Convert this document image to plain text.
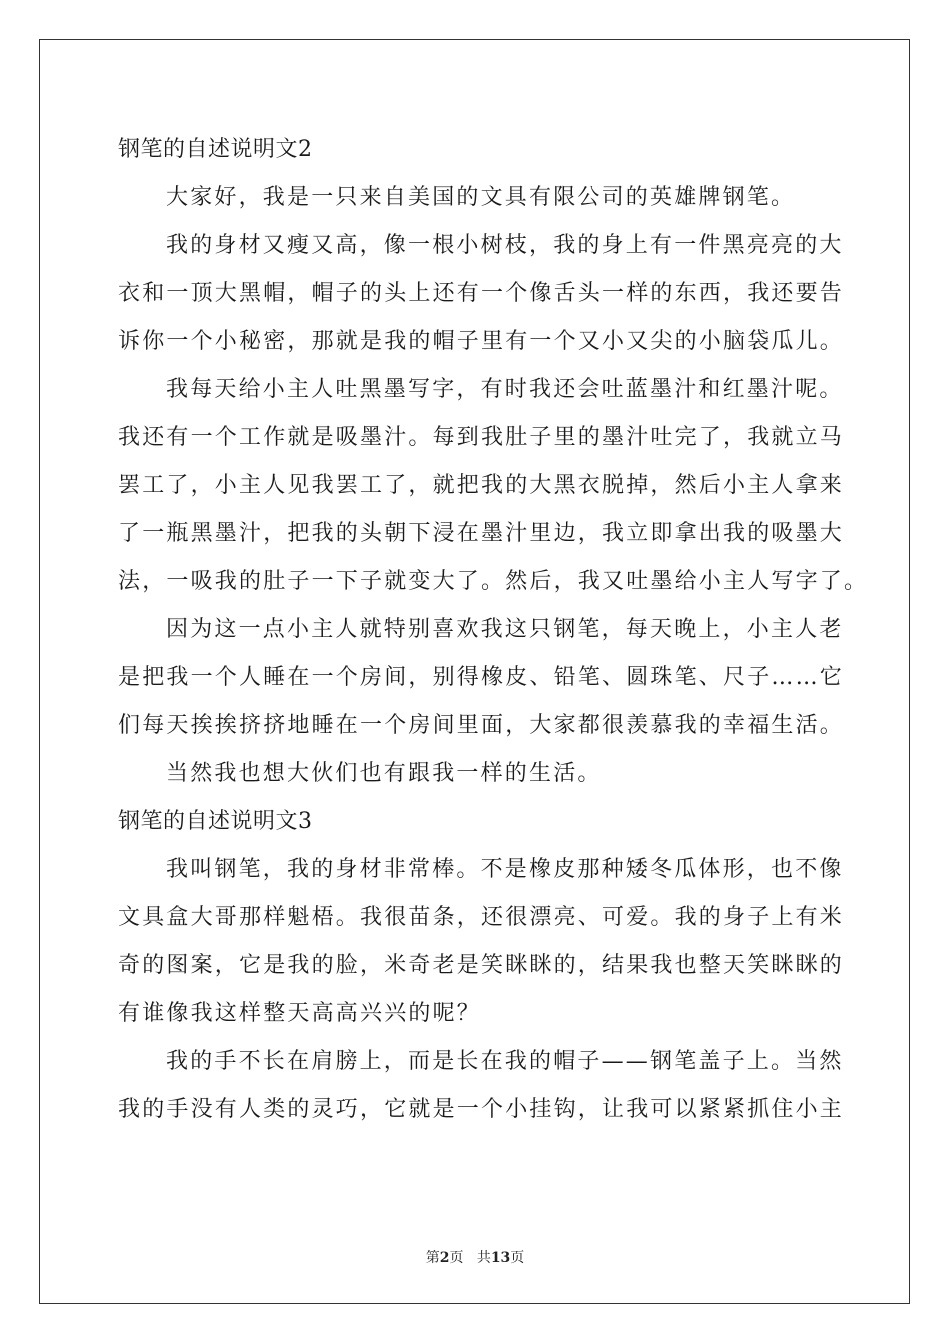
钢笔的自述说明文2
大家好，我是一只来自美国的文具有限公司的英雄牌钢笔。
我的身材又瘦又高，像一根小树枝，我的身上有一件黑亮亮的大
衣和一顶大黑帽，帽子的头上还有一个像舌头一样的东西，我还要告
诉你一个小秘密，那就是我的帽子里有一个又小又尖的小脑袋瓜儿。
我每天给小主人吐黑墨写字，有时我还会吐蓝墨汁和红墨汁呢。
我还有一个工作就是吸墨汁。每到我肚子里的墨汁吐完了，我就立马
罢工了，小主人见我罢工了，就把我的大黑衣脱掉，然后小主人拿来
了一瓶黑墨汁，把我的头朝下浸在墨汁里边，我立即拿出我的吸墨大
法，一吸我的肚子一下子就变大了。然后，我又吐墨给小主人写字了。
因为这一点小主人就特别喜欢我这只钢笔，每天晚上，小主人老
是把我一个人睡在一个房间，别得橡皮、铅笔、圆珠笔、尺子……它
们每天挨挨挤挤地睡在一个房间里面，大家都很羡慕我的幸福生活。
当然我也想大伙们也有跟我一样的生活。
钢笔的自述说明文3
我叫钢笔，我的身材非常棒。不是橡皮那种矮冬瓜体形，也不像
文具盒大哥那样魁梧。我很苗条，还很漂亮、可爱。我的身子上有米
奇的图案，它是我的脸，米奇老是笑眯眯的，结果我也整天笑眯眯的
有谁像我这样整天高高兴兴的呢？
我的手不长在肩膀上，而是长在我的帽子——钢笔盖子上。当然
我的手没有人类的灵巧，它就是一个小挂钩，让我可以紧紧抓住小主
第2页 共13页
